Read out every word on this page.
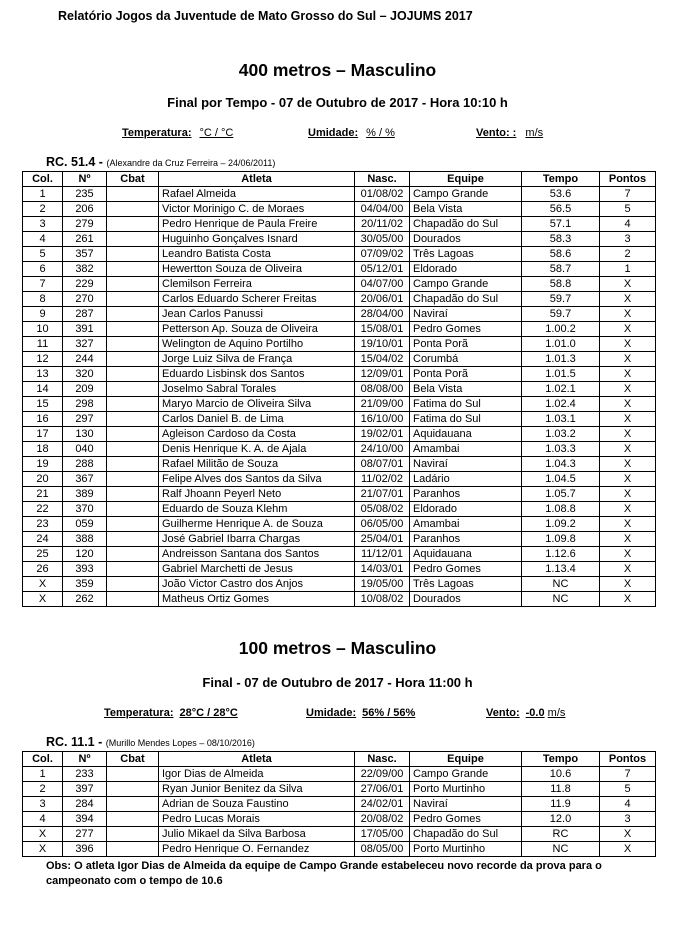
Relatório Jogos da Juventude de Mato Grosso do Sul – JOJUMS 2017
400 metros – Masculino
Final por Tempo - 07 de Outubro de 2017 - Hora 10:10 h
Temperatura: °C / °C	Umidade: % / %	Vento: : m/s
RC. 51.4 - (Alexandre da Cruz Ferreira – 24/06/2011)
Col.	Nº	Cbat	Atleta	Nasc.	Equipe	Tempo	Pontos
1	235		Rafael Almeida	01/08/02	Campo Grande	53.6	7
2	206		Victor Morinigo C. de Moraes	04/04/00	Bela Vista	56.5	5
3	279		Pedro Henrique de Paula Freire	20/11/02	Chapadão do Sul	57.1	4
4	261		Huguinho Gonçalves Isnard	30/05/00	Dourados	58.3	3
5	357		Leandro Batista Costa	07/09/02	Três Lagoas	58.6	2
6	382		Hewertton Souza de Oliveira	05/12/01	Eldorado	58.7	1
7	229		Clemilson Ferreira	04/07/00	Campo Grande	58.8	X
8	270		Carlos Eduardo Scherer Freitas	20/06/01	Chapadão do Sul	59.7	X
9	287		Jean Carlos Panussi	28/04/00	Naviraí	59.7	X
10	391		Petterson Ap. Souza de Oliveira	15/08/01	Pedro Gomes	1.00.2	X
11	327		Welington de Aquino Portilho	19/10/01	Ponta Porã	1.01.0	X
12	244		Jorge Luiz Silva de França	15/04/02	Corumbá	1.01.3	X
13	320		Eduardo Lisbinsk dos Santos	12/09/01	Ponta Porã	1.01.5	X
14	209		Joselmo Sabral Torales	08/08/00	Bela Vista	1.02.1	X
15	298		Maryo Marcio de Oliveira Silva	21/09/00	Fatima do Sul	1.02.4	X
16	297		Carlos Daniel B. de Lima	16/10/00	Fatima do Sul	1.03.1	X
17	130		Agleison Cardoso da Costa	19/02/01	Aquidauana	1.03.2	X
18	040		Denis Henrique K. A. de Ajala	24/10/00	Amambai	1.03.3	X
19	288		Rafael Militão de Souza	08/07/01	Naviraí	1.04.3	X
20	367		Felipe Alves dos Santos da Silva	11/02/02	Ladário	1.04.5	X
21	389		Ralf Jhoann Peyerl Neto	21/07/01	Paranhos	1.05.7	X
22	370		Eduardo de Souza Klehm	05/08/02	Eldorado	1.08.8	X
23	059		Guilherme Henrique A. de Souza	06/05/00	Amambai	1.09.2	X
24	388		José Gabriel Ibarra Chargas	25/04/01	Paranhos	1.09.8	X
25	120		Andreisson Santana dos Santos	11/12/01	Aquidauana	1.12.6	X
26	393		Gabriel Marchetti de Jesus	14/03/01	Pedro Gomes	1.13.4	X
X	359		João Victor Castro dos Anjos	19/05/00	Três Lagoas	NC	X
X	262		Matheus Ortiz Gomes	10/08/02	Dourados	NC	X
100 metros – Masculino
Final - 07 de Outubro de 2017 - Hora 11:00 h
Temperatura: 28°C / 28°C	Umidade: 56% / 56%	Vento: -0.0 m/s
RC. 11.1 - (Murillo Mendes Lopes – 08/10/2016)
Col.	Nº	Cbat	Atleta	Nasc.	Equipe	Tempo	Pontos
1	233		Igor Dias de Almeida	22/09/00	Campo Grande	10.6	7
2	397		Ryan Junior Benitez da Silva	27/06/01	Porto Murtinho	11.8	5
3	284		Adrian de Souza Faustino	24/02/01	Naviraí	11.9	4
4	394		Pedro Lucas Morais	20/08/02	Pedro Gomes	12.0	3
X	277		Julio Mikael da Silva Barbosa	17/05/00	Chapadão do Sul	RC	X
X	396		Pedro Henrique O. Fernandez	08/05/00	Porto Murtinho	NC	X
Obs: O atleta Igor Dias de Almeida da equipe de Campo Grande estabeleceu novo recorde da prova para o campeonato com o tempo de 10.6
